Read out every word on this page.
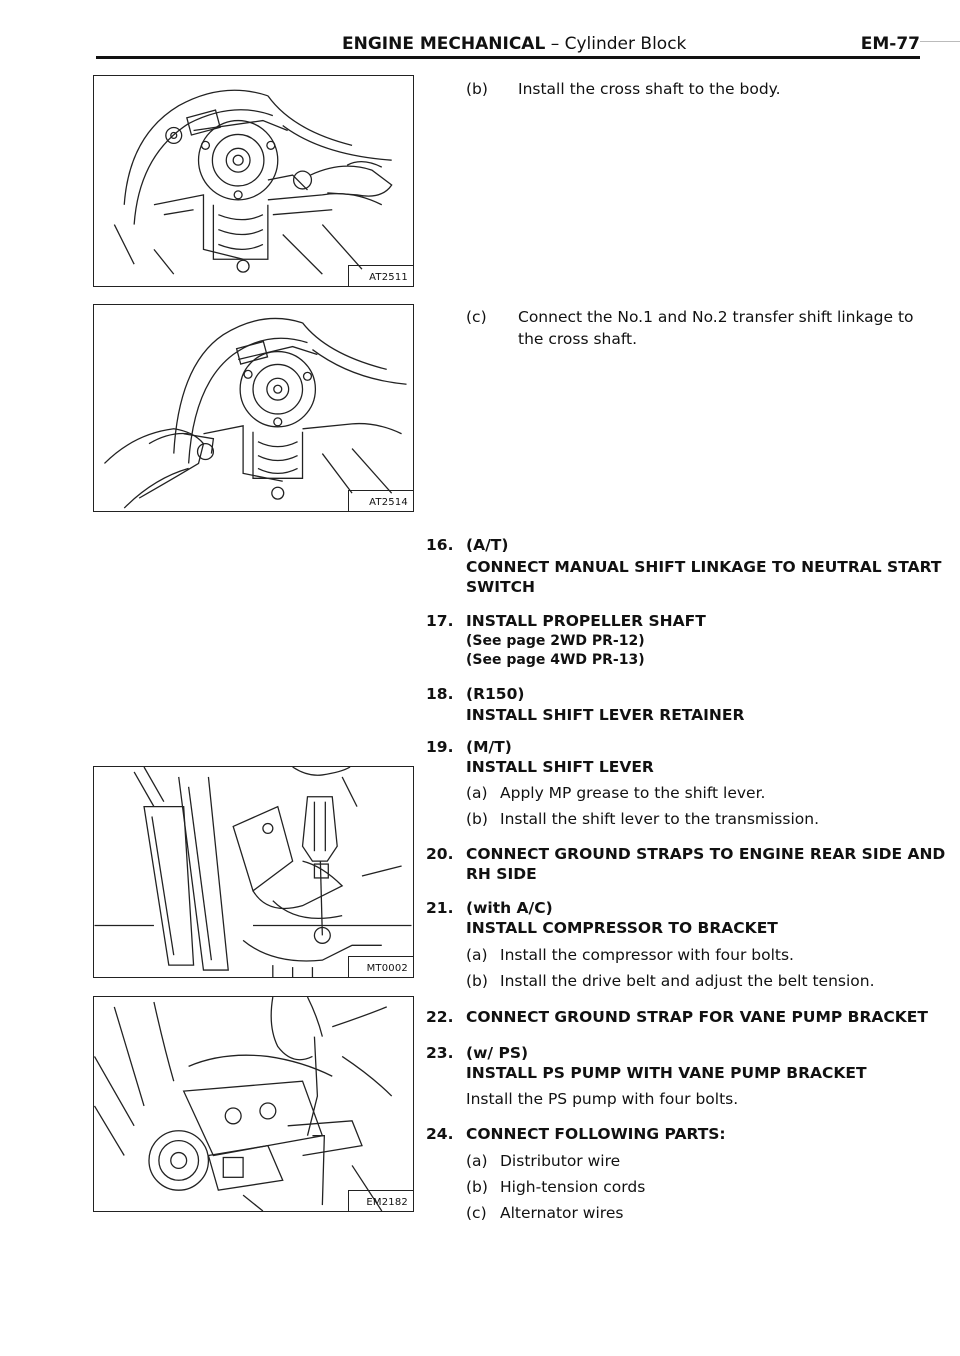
ENGINE MECHANICAL – Cylinder Block	EM-77
AT2511
AT2514
MT0002
EM2182
(b) Install the cross shaft to the body.
(c) Connect the No.1 and No.2 transfer shift linkage to
the cross shaft.
16. (A/T)
CONNECT MANUAL SHIFT LINKAGE TO NEUTRAL START
SWITCH
17. INSTALL PROPELLER SHAFT
(See page 2WD PR-12)
(See page 4WD PR-13)
18. (R150)
INSTALL SHIFT LEVER RETAINER
19. (M/T)
INSTALL SHIFT LEVER
(a) Apply MP grease to the shift lever.
(b) Install the shift lever to the transmission.
20. CONNECT GROUND STRAPS TO ENGINE REAR SIDE AND
RH SIDE
21. (with A/C)
INSTALL COMPRESSOR TO BRACKET
(a) Install the compressor with four bolts.
(b) Install the drive belt and adjust the belt tension.
22. CONNECT GROUND STRAP FOR VANE PUMP BRACKET
23. (w/ PS)
INSTALL PS PUMP WITH VANE PUMP BRACKET
Install the PS pump with four bolts.
24. CONNECT FOLLOWING PARTS:
(a) Distributor wire
(b) High-tension cords
(c) Alternator wires
